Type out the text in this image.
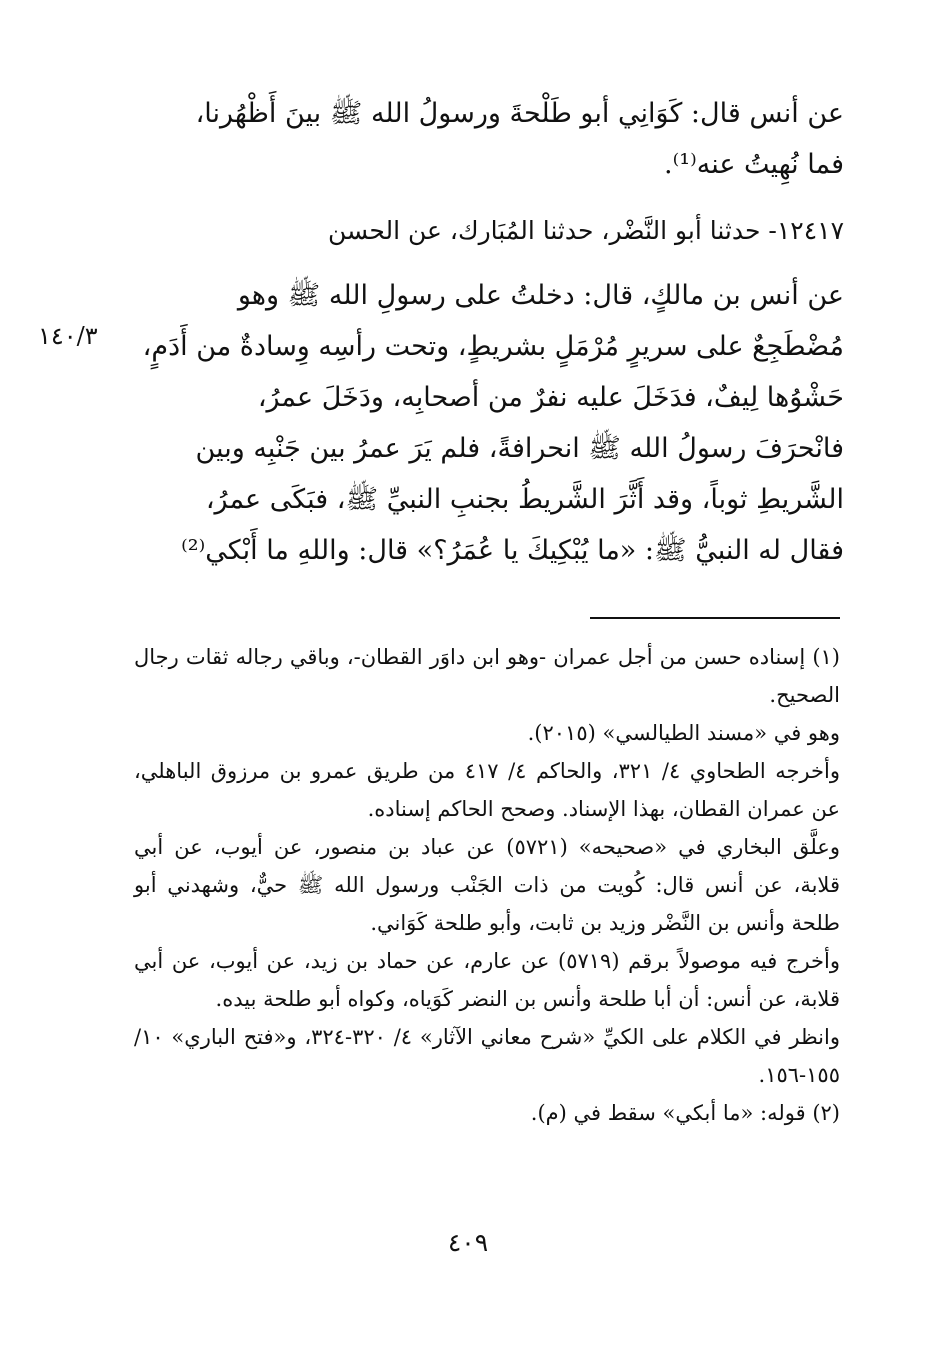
عن أنس قال: كَوَانِي أبو طَلْحةَ ورسولُ الله ﷺ بينَ أَظْهُرنا،
فما نُهِيتُ عنه⁽¹⁾.
١٢٤١٧- حدثنا أبو النَّضْر، حدثنا المُبَارك، عن الحسن
عن أنس بن مالكٍ، قال: دخلتُ على رسولِ الله ﷺ وهو
مُضْطَجِعٌ على سريرٍ مُرْمَلٍ بشريطٍ، وتحت رأسِه وِسادةٌ من أَدَمٍ،
حَشْوُها لِيفٌ، فدَخَلَ عليه نفرٌ من أصحابِه، ودَخَلَ عمرُ،
فانْحرَفَ رسولُ الله ﷺ انحرافةً، فلم يَرَ عمرُ بين جَنْبِه وبين
الشَّريطِ ثوباً، وقد أَثَّرَ الشَّريطُ بجنبِ النبيِّ ﷺ، فبَكَى عمرُ،
فقال له النبيُّ ﷺ: «ما يُبْكِيكَ يا عُمَرُ؟» قال: واللهِ ما أَبْكي⁽²⁾
١٤٠/٣

(١) إسناده حسن من أجل عمران -وهو ابن داوَر القطان-، وباقي رجاله ثقات رجال الصحيح.

وهو في «مسند الطيالسي» (٢٠١٥).

وأخرجه الطحاوي ٤/ ٣٢١، والحاكم ٤/ ٤١٧ من طريق عمرو بن مرزوق الباهلي، عن عمران القطان، بهذا الإسناد. وصحح الحاكم إسناده.

وعلَّق البخاري في «صحيحه» (٥٧٢١) عن عباد بن منصور، عن أيوب، عن أبي قلابة، عن أنس قال: كُويت من ذات الجَنْب ورسول الله ﷺ حيٌّ، وشهدني أبو طلحة وأنس بن النَّضْر وزيد بن ثابت، وأبو طلحة كَوَاني.

وأخرج فيه موصولاً برقم (٥٧١٩) عن عارم، عن حماد بن زيد، عن أيوب، عن أبي قلابة، عن أنس: أن أبا طلحة وأنس بن النضر كَوَياه، وكواه أبو طلحة بيده.

وانظر في الكلام على الكيِّ «شرح معاني الآثار» ٤/ ٣٢٠-٣٢٤، و«فتح الباري» ١٠/ ١٥٥-١٥٦.

(٢) قوله: «ما أبكي» سقط في (م).

٤٠٩
